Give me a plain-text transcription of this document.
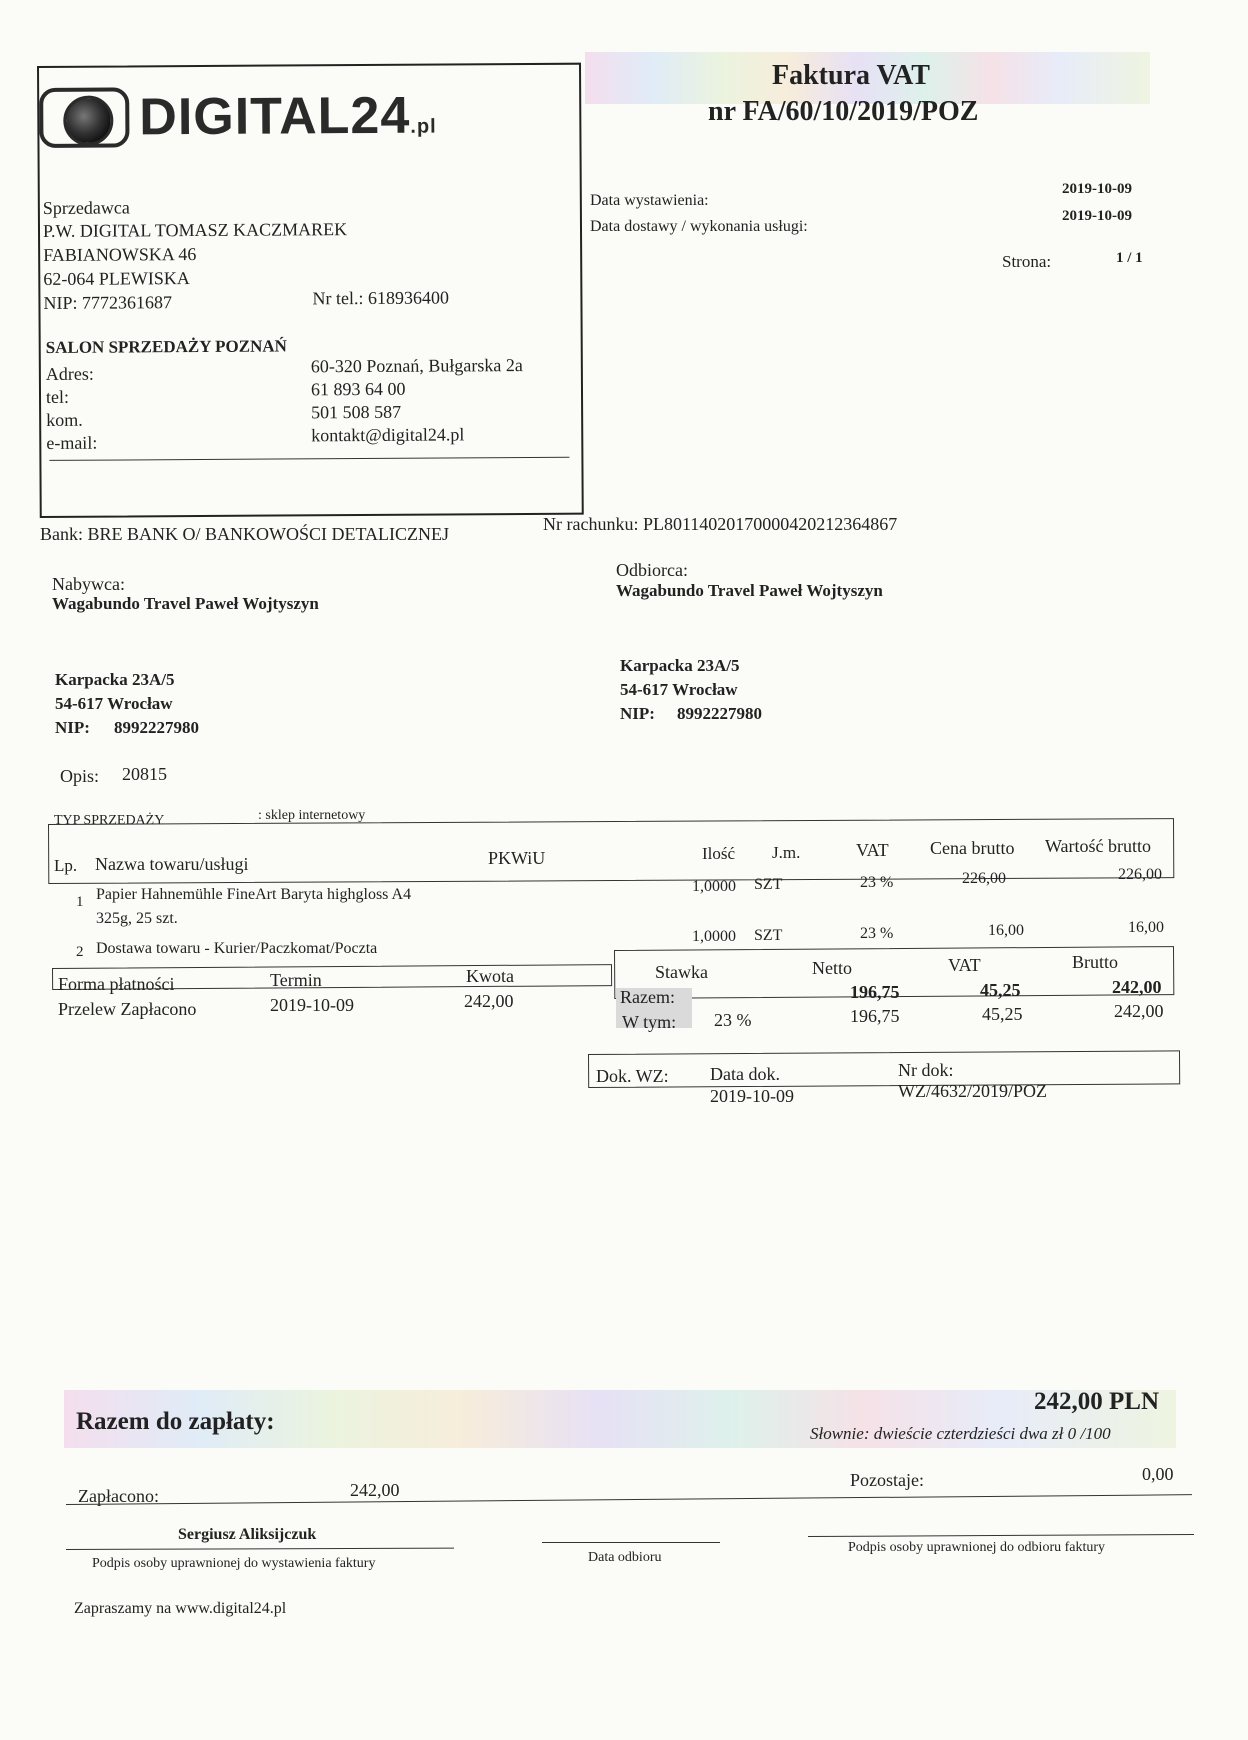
DIGITAL24 .pl
Sprzedawca
P.W. DIGITAL TOMASZ KACZMAREK
FABIANOWSKA 46
62-064 PLEWISKA
NIP: 7772361687	Nr tel.: 618936400
SALON SPRZEDAŻY POZNAŃ
Adres:	60-320 Poznań, Bułgarska 2a
tel:	61 893 64 00
kom.	501 508 587
e-mail:	kontakt@digital24.pl
Faktura VAT
nr FA/60/10/2019/POZ
Data wystawienia:
2019-10-09
Data dostawy / wykonania usługi:
2019-10-09
Strona:	1 / 1
Bank: BRE BANK O/ BANKOWOŚCI DETALICZNEJ	Nr rachunku: PL80114020170000420212364867
Nabywca:
Wagabundo Travel Paweł Wojtyszyn
Karpacka 23A/5
54-617 Wrocław
NIP: 8992227980
Odbiorca:
Wagabundo Travel Paweł Wojtyszyn
Karpacka 23A/5
54-617 Wrocław
NIP: 8992227980
Opis: 20815
TYP SPRZEDAŻY	: sklep internetowy
Lp. Nazwa towaru/usługi	PKWiU	Ilość J.m.	VAT Cena brutto Wartość brutto
1 Papier Hahnemühle FineArt Baryta highgloss A4
325g, 25 szt.
1,0000 SZT	23 %	226,00	226,00
2 Dostawa towaru - Kurier/Paczkomat/Poczta
1,0000 SZT	23 %	16,00	16,00
Forma płatności	Termin	Kwota
Przelew Zapłacono	2019-10-09	242,00
Stawka	Netto	VAT	Brutto
Razem:	196,75	45,25	242,00
W tym: 23 %	196,75	45,25	242,00
Dok. WZ: Data dok.	Nr dok:
2019-10-09	WZ/4632/2019/POZ
Razem do zapłaty:
242,00 PLN
Słownie: dwieście czterdzieści dwa zł 0 /100
Zapłacono:	242,00	Pozostaje:	0,00
Sergiusz Aliksijczuk
Podpis osoby uprawnionej do wystawienia faktury	Data odbioru
Podpis osoby uprawnionej do odbioru faktury
Zapraszamy na www.digital24.pl
